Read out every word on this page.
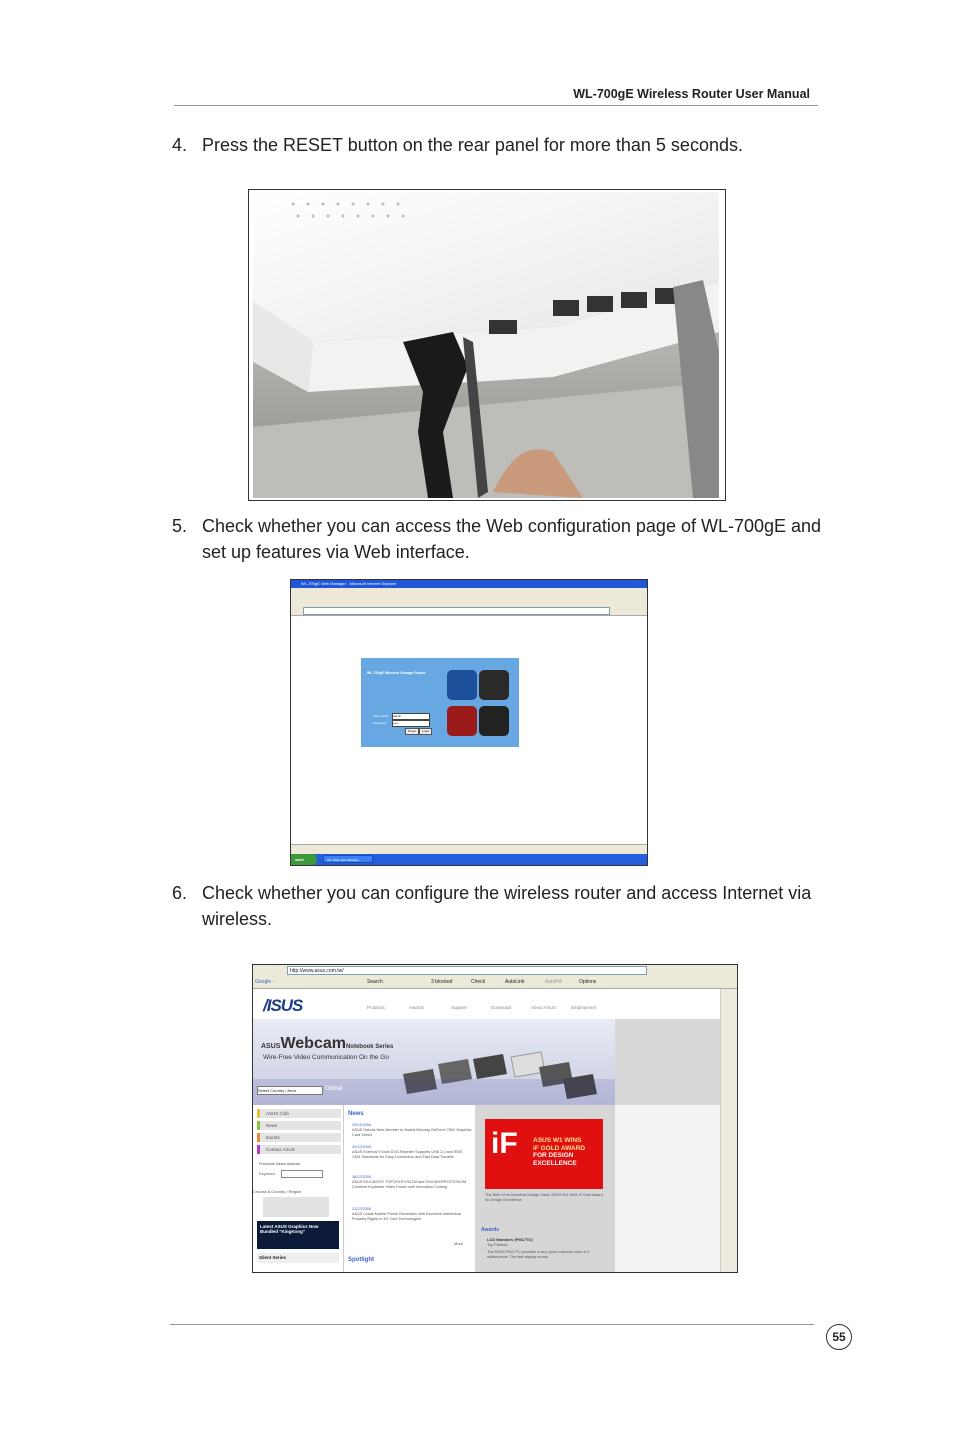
WL-700gE Wireless Router User Manual
4. Press the RESET button on the rear panel for more than 5 seconds.
5. Check whether you can access the Web configuration page of WL-700gE and set up features via Web interface.
WL-700gE Web Manager - Microsoft Internet Explorer
WL-700gE Wireless Storage Router
User Name:	admin
Password:	•••••
Reset	Login
start	WL-700g Web Manager
6. Check whether you can configure the wireless router and access Internet via wireless.
http://www.asus.com.tw/
Google -	Search	3 blocked	Check	AutoLink	AutoFill	Options
/ISUS	Products	Awards	Support	Download	About ASUS	Employment
ASUSWebcamNotebook Series
Wire-Free Video Communication On the Go
Select Country / Area	Global
ASUS Club
News
Events
Contact ASUS
Products News Awards
Keyword
Choose A Country / Region
Latest ASUS Graphics Now Bundled "KingKong"
Silent Series
News
03/01/2006
ASUS Debuts New Member to Award-Winning GeForce 7800 Graphics Card Series
29/12/2005
ASUS External 9 Multi DVD-Rewriter Supports USB 2.0 and IEEE 1394 Standards for Easy Connection and Fast Data Transfer
28/12/2005
ASUS EAX1800XT TOP/2DHTV/512M and EAX1800PRO/TE/512M Combine Explosive Video Power with Innovative Cooling
22/12/2005
ASUS Leads Mobile Phone Revolution with Exclusive Intellectual Property Rights in 3G Core Technologies
More
Spotlight
iF ASUS W1 WINS
iF GOLD AWARD
FOR DESIGN
EXCELLENCE
The Birth of an Industrial Design Giant: ASUS W1 Wins iF Gold Award for Design Excellence
Awards
LCD Monitors (PM17TU)
Top Product
The ASUS PM17TU provides a very good response time of 4 milliseconds. The fast display shows
55
